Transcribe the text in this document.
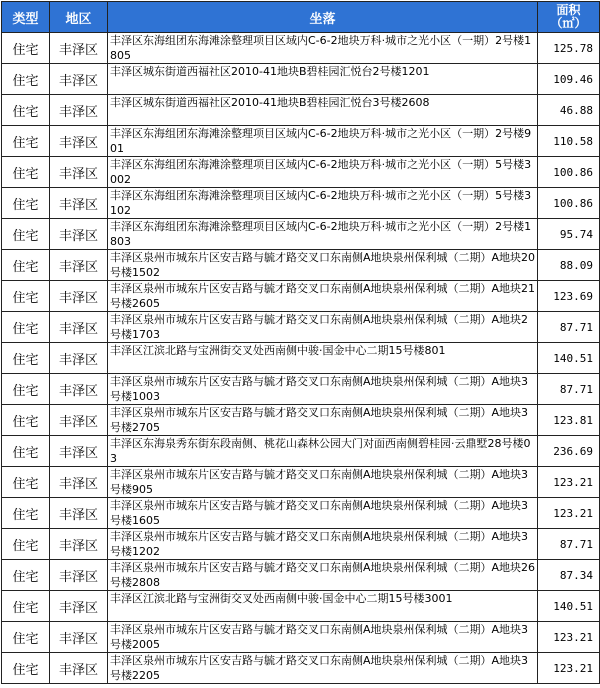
类型	地区	坐落	面积
（㎡）
住宅	丰泽区	丰泽区东海组团东海滩涂整理项目区域内C-6-2地块万科·城市之光小区（一期）2号楼1805	125.78
住宅	丰泽区	丰泽区城东街道西福社区2010-41地块B碧桂园汇悦台2号楼1201	109.46
住宅	丰泽区	丰泽区城东街道西福社区2010-41地块B碧桂园汇悦台3号楼2608	46.88
住宅	丰泽区	丰泽区东海组团东海滩涂整理项目区域内C-6-2地块万科·城市之光小区（一期）2号楼901	110.58
住宅	丰泽区	丰泽区东海组团东海滩涂整理项目区域内C-6-2地块万科·城市之光小区（一期）5号楼3002	100.86
住宅	丰泽区	丰泽区东海组团东海滩涂整理项目区域内C-6-2地块万科·城市之光小区（一期）5号楼3102	100.86
住宅	丰泽区	丰泽区东海组团东海滩涂整理项目区域内C-6-2地块万科·城市之光小区（一期）2号楼1803	95.74
住宅	丰泽区	丰泽区泉州市城东片区安吉路与毓才路交叉口东南侧A地块泉州保利城（二期）A地块20号楼1502	88.09
住宅	丰泽区	丰泽区泉州市城东片区安吉路与毓才路交叉口东南侧A地块泉州保利城（二期）A地块21号楼2605	123.69
住宅	丰泽区	丰泽区泉州市城东片区安吉路与毓才路交叉口东南侧A地块泉州保利城（二期）A地块2号楼1703	87.71
住宅	丰泽区	丰泽区江滨北路与宝洲街交叉处西南侧中骏·国金中心二期15号楼801	140.51
住宅	丰泽区	丰泽区泉州市城东片区安吉路与毓才路交叉口东南侧A地块泉州保利城（二期）A地块3号楼1003	87.71
住宅	丰泽区	丰泽区泉州市城东片区安吉路与毓才路交叉口东南侧A地块泉州保利城（二期）A地块3号楼2705	123.81
住宅	丰泽区	丰泽区东海泉秀东街东段南侧、桃花山森林公园大门对面西南侧碧桂园·云鼎墅28号楼03	236.69
住宅	丰泽区	丰泽区泉州市城东片区安吉路与毓才路交叉口东南侧A地块泉州保利城（二期）A地块3号楼905	123.21
住宅	丰泽区	丰泽区泉州市城东片区安吉路与毓才路交叉口东南侧A地块泉州保利城（二期）A地块3号楼1605	123.21
住宅	丰泽区	丰泽区泉州市城东片区安吉路与毓才路交叉口东南侧A地块泉州保利城（二期）A地块3号楼1202	87.71
住宅	丰泽区	丰泽区泉州市城东片区安吉路与毓才路交叉口东南侧A地块泉州保利城（二期）A地块26号楼2808	87.34
住宅	丰泽区	丰泽区江滨北路与宝洲街交叉处西南侧中骏·国金中心二期15号楼3001	140.51
住宅	丰泽区	丰泽区泉州市城东片区安吉路与毓才路交叉口东南侧A地块泉州保利城（二期）A地块3号楼2005	123.21
住宅	丰泽区	丰泽区泉州市城东片区安吉路与毓才路交叉口东南侧A地块泉州保利城（二期）A地块3号楼2205	123.21
